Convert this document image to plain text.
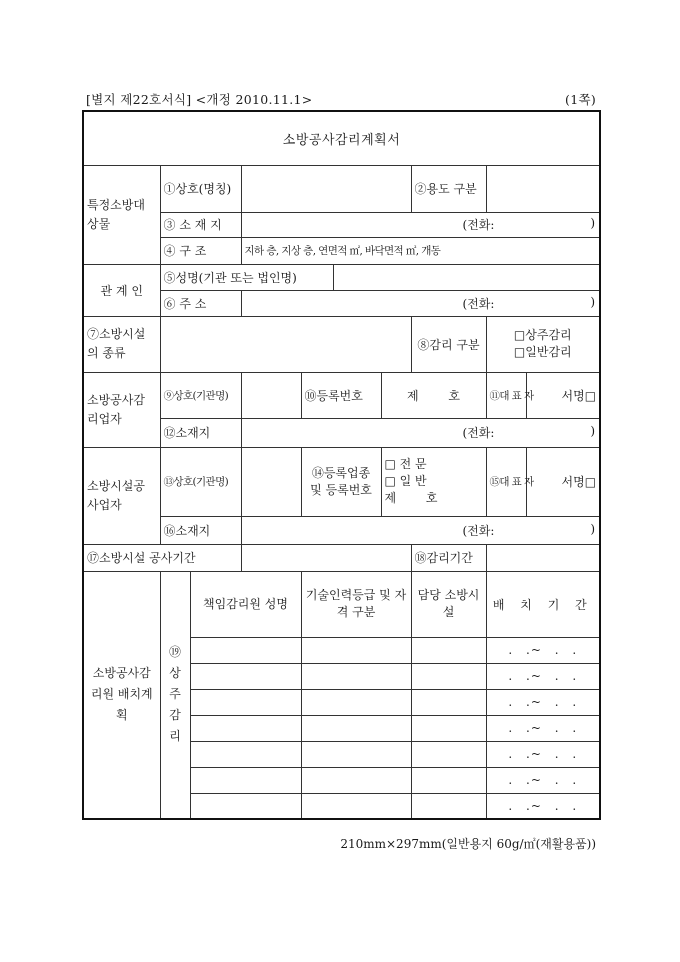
[별지 제22호서식] <개정 2010.11.1>	(1쪽)
소방공사감리계획서									
특정소방대상물	①상호(명칭)						②용도 구분		
	③ 소 재 지		(전화: )						
	④ 구 조		지하 층, 지상 층, 연면적 ㎡, 바닥면적 ㎡, 개동						
관 계 인	⑤성명(기관 또는 법인명)								
	⑥ 주 소		(전화: )						
⑦소방시설의 종류							⑧감리 구분	□상주감리
□일반감리	

소방공사감리업자	⑨상호(기관명)			⑩등록번호		제 호		⑪대 표 자	서명□
	⑫소재지		(전화: )						
소방시설공사업자	⑬상호(기관명)			⑭등록업종 및 등록번호		□ 전 문
□ 일 반
제 호		⑮대 표 자	서명□
	⑯소재지		(전화: )						
⑰소방시설 공사기간							⑱감리기간		
소방공사감리원 배치계획	⑲ 상주감리	책임감리원 성명		기술인력등급 및 자격 구분			담당 소방시설	배 치 기 간	
								. .~ . .	
								. .~ . .	
								. .~ . .	
								. .~ . .	
								. .~ . .	
								. .~ . .	
								. .~ . .	
210mm×297mm(일반용지 60g/㎡(재활용품))
